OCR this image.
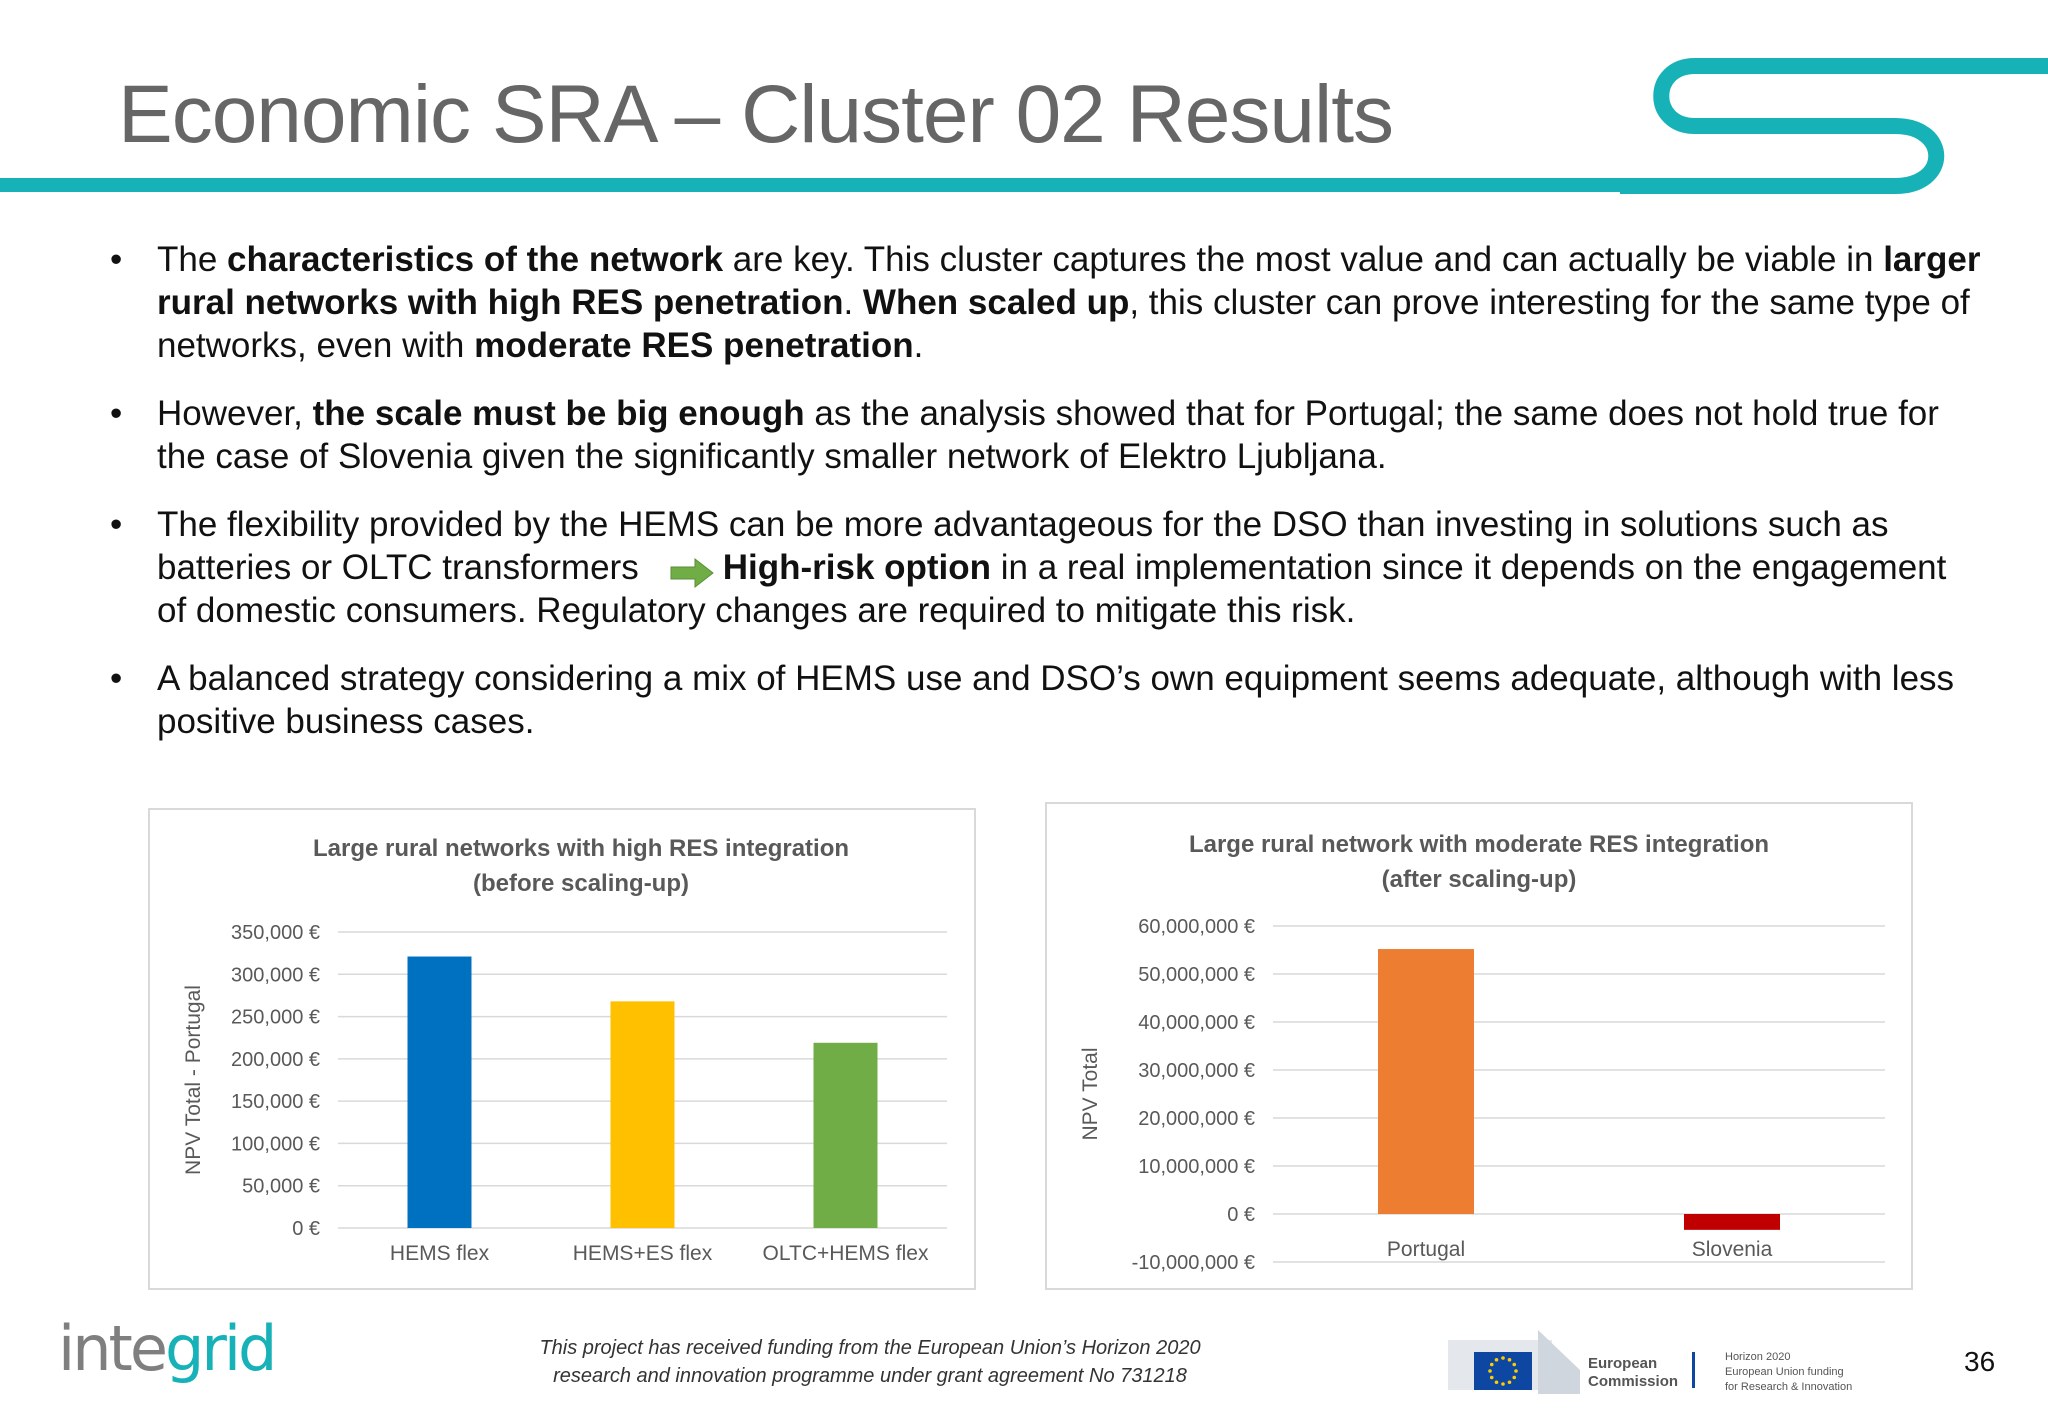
Economic SRA – Cluster 02 Results
• The characteristics of the network are key. This cluster captures the most value and can actually be viable in larger rural networks with high RES penetration. When scaled up, this cluster can prove interesting for the same type of networks, even with moderate RES penetration.
• However, the scale must be big enough as the analysis showed that for Portugal; the same does not hold true for the case of Slovenia given the significantly smaller network of Elektro Ljubljana.
• The flexibility provided by the HEMS can be more advantageous for the DSO than investing in solutions such as batteries or OLTC transformers High-risk option in a real implementation since it depends on the engagement of domestic consumers. Regulatory changes are required to mitigate this risk.
• A balanced strategy considering a mix of HEMS use and DSO’s own equipment seems adequate, although with less positive business cases.
Large rural networks with high RES integration
(before scaling-up)
0 €
50,000 €
100,000 €
150,000 €
200,000 €
250,000 €
300,000 €
350,000 €
NPV Total - Portugal
HEMS flex	HEMS+ES flex OLTC+HEMS flex
Large rural network with moderate RES integration
(after scaling-up)
-10,000,000 €
0 €
10,000,000 €
20,000,000 €
30,000,000 €
40,000,000 €
50,000,000 €
60,000,000 €
NPV Total
Portugal	Slovenia
integrid	This project has received funding from the European Union’s Horizon 2020
research and innovation programme under grant agreement No 731218
European
Commission
Horizon 2020
European Union funding
for Research & Innovation
36
